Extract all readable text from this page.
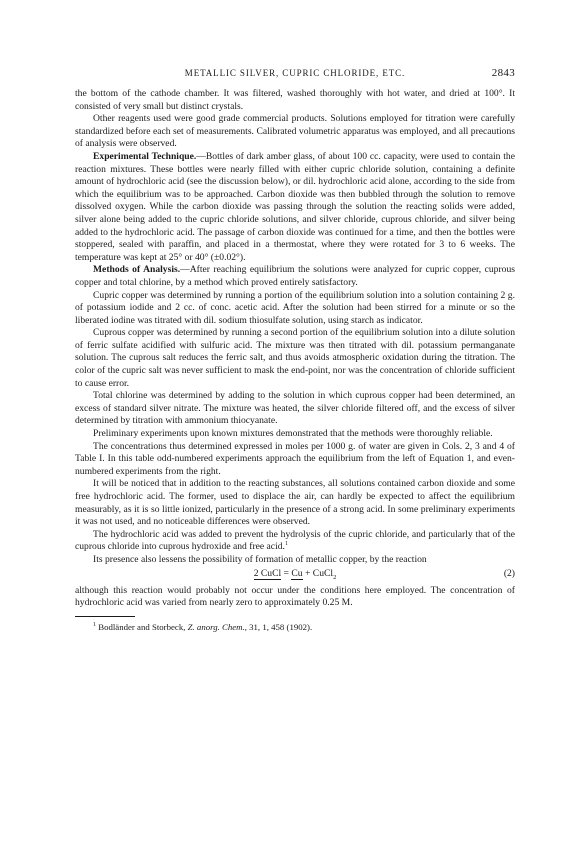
METALLIC SILVER, CUPRIC CHLORIDE, ETC.	2843

the bottom of the cathode chamber. It was filtered, washed thoroughly with hot water, and dried at 100°. It consisted of very small but distinct crystals.

Other reagents used were good grade commercial products. Solutions employed for titration were carefully standardized before each set of measurements. Calibrated volumetric apparatus was employed, and all precautions of analysis were observed.

Experimental Technique.—Bottles of dark amber glass, of about 100 cc. capacity, were used to contain the reaction mixtures. These bottles were nearly filled with either cupric chloride solution, containing a definite amount of hydrochloric acid (see the discussion below), or dil. hydrochloric acid alone, according to the side from which the equilibrium was to be approached. Carbon dioxide was then bubbled through the solution to remove dissolved oxygen. While the carbon dioxide was passing through the solution the reacting solids were added, silver alone being added to the cupric chloride solutions, and silver chloride, cuprous chloride, and silver being added to the hydrochloric acid. The passage of carbon dioxide was continued for a time, and then the bottles were stoppered, sealed with paraffin, and placed in a thermostat, where they were rotated for 3 to 6 weeks. The temperature was kept at 25° or 40° (±0.02°).

Methods of Analysis.—After reaching equilibrium the solutions were analyzed for cupric copper, cuprous copper and total chlorine, by a method which proved entirely satisfactory.

Cupric copper was determined by running a portion of the equilibrium solution into a solution containing 2 g. of potassium iodide and 2 cc. of conc. acetic acid. After the solution had been stirred for a minute or so the liberated iodine was titrated with dil. sodium thiosulfate solution, using starch as indicator.

Cuprous copper was determined by running a second portion of the equilibrium solution into a dilute solution of ferric sulfate acidified with sulfuric acid. The mixture was then titrated with dil. potassium permanganate solution. The cuprous salt reduces the ferric salt, and thus avoids atmospheric oxidation during the titration. The color of the cupric salt was never sufficient to mask the end-point, nor was the concentration of chloride sufficient to cause error.

Total chlorine was determined by adding to the solution in which cuprous copper had been determined, an excess of standard silver nitrate. The mixture was heated, the silver chloride filtered off, and the excess of silver determined by titration with ammonium thiocyanate.

Preliminary experiments upon known mixtures demonstrated that the methods were thoroughly reliable.

The concentrations thus determined expressed in moles per 1000 g. of water are given in Cols. 2, 3 and 4 of Table I. In this table odd-numbered experiments approach the equilibrium from the left of Equation 1, and even-numbered experiments from the right.

It will be noticed that in addition to the reacting substances, all solutions contained carbon dioxide and some free hydrochloric acid. The former, used to displace the air, can hardly be expected to affect the equilibrium measurably, as it is so little ionized, particularly in the presence of a strong acid. In some preliminary experiments it was not used, and no noticeable differences were observed.

The hydrochloric acid was added to prevent the hydrolysis of the cupric chloride, and particularly that of the cuprous chloride into cuprous hydroxide and free acid.$^1$

Its presence also lessens the possibility of formation of metallic copper, by the reaction

2 CuCl = Cu + CuCl$_2$	(2)

although this reaction would probably not occur under the conditions here employed. The concentration of hydrochloric acid was varied from nearly zero to approximately 0.25 M.

$^1$ Bodländer and Storbeck, Z. anorg. Chem., 31, 1, 458 (1902).
